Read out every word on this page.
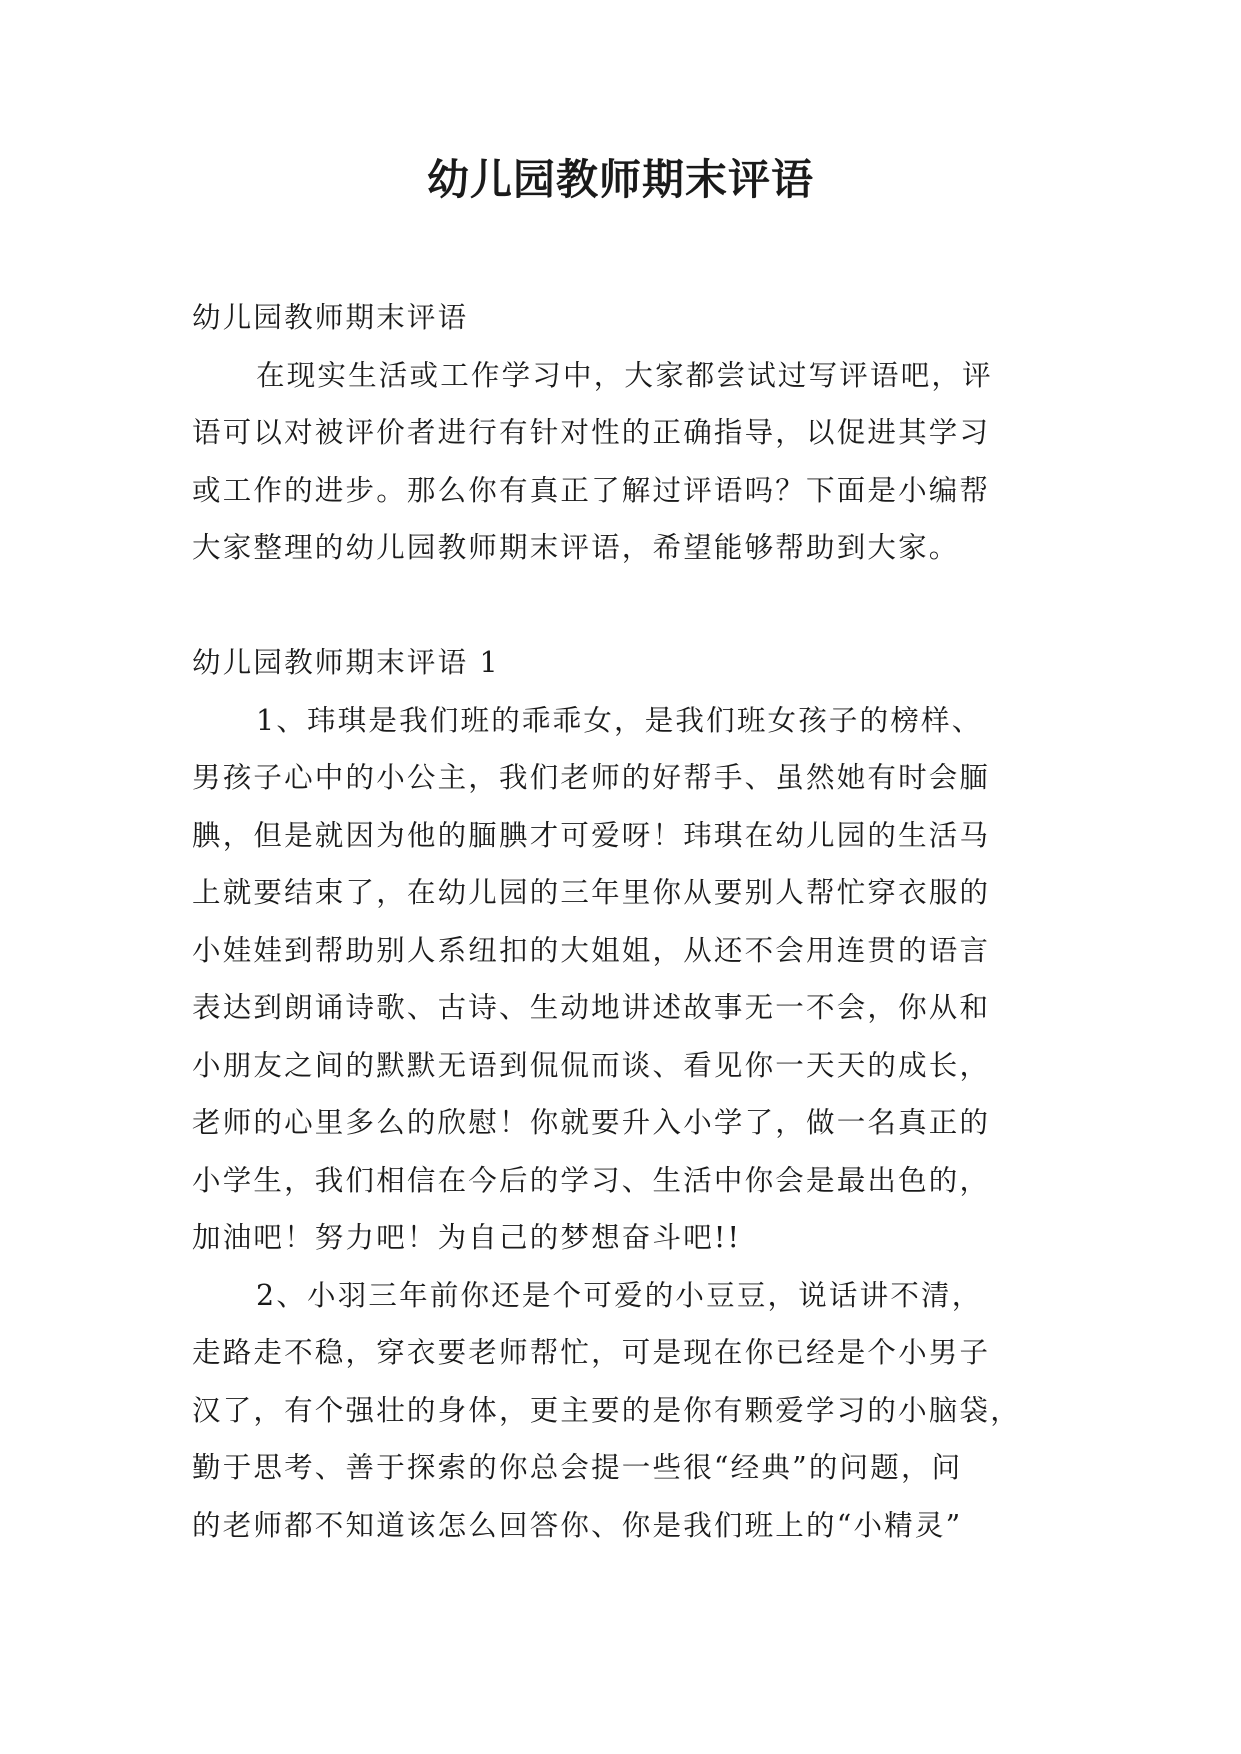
幼儿园教师期末评语
幼儿园教师期末评语
在现实生活或工作学习中，大家都尝试过写评语吧，评
语可以对被评价者进行有针对性的正确指导，以促进其学习
或工作的进步。那么你有真正了解过评语吗？下面是小编帮
大家整理的幼儿园教师期末评语，希望能够帮助到大家。
幼儿园教师期末评语 1
1、玮琪是我们班的乖乖女，是我们班女孩子的榜样、
男孩子心中的小公主，我们老师的好帮手、虽然她有时会腼
腆，但是就因为他的腼腆才可爱呀！玮琪在幼儿园的生活马
上就要结束了，在幼儿园的三年里你从要别人帮忙穿衣服的
小娃娃到帮助别人系纽扣的大姐姐，从还不会用连贯的语言
表达到朗诵诗歌、古诗、生动地讲述故事无一不会，你从和
小朋友之间的默默无语到侃侃而谈、看见你一天天的成长，
老师的心里多么的欣慰！你就要升入小学了，做一名真正的
小学生，我们相信在今后的学习、生活中你会是最出色的，
加油吧！努力吧！为自己的梦想奋斗吧!!
2、小羽三年前你还是个可爱的小豆豆，说话讲不清，
走路走不稳，穿衣要老师帮忙，可是现在你已经是个小男子
汉了，有个强壮的身体，更主要的是你有颗爱学习的小脑袋，
勤于思考、善于探索的你总会提一些很“经典”的问题，问
的老师都不知道该怎么回答你、你是我们班上的“小精灵”
